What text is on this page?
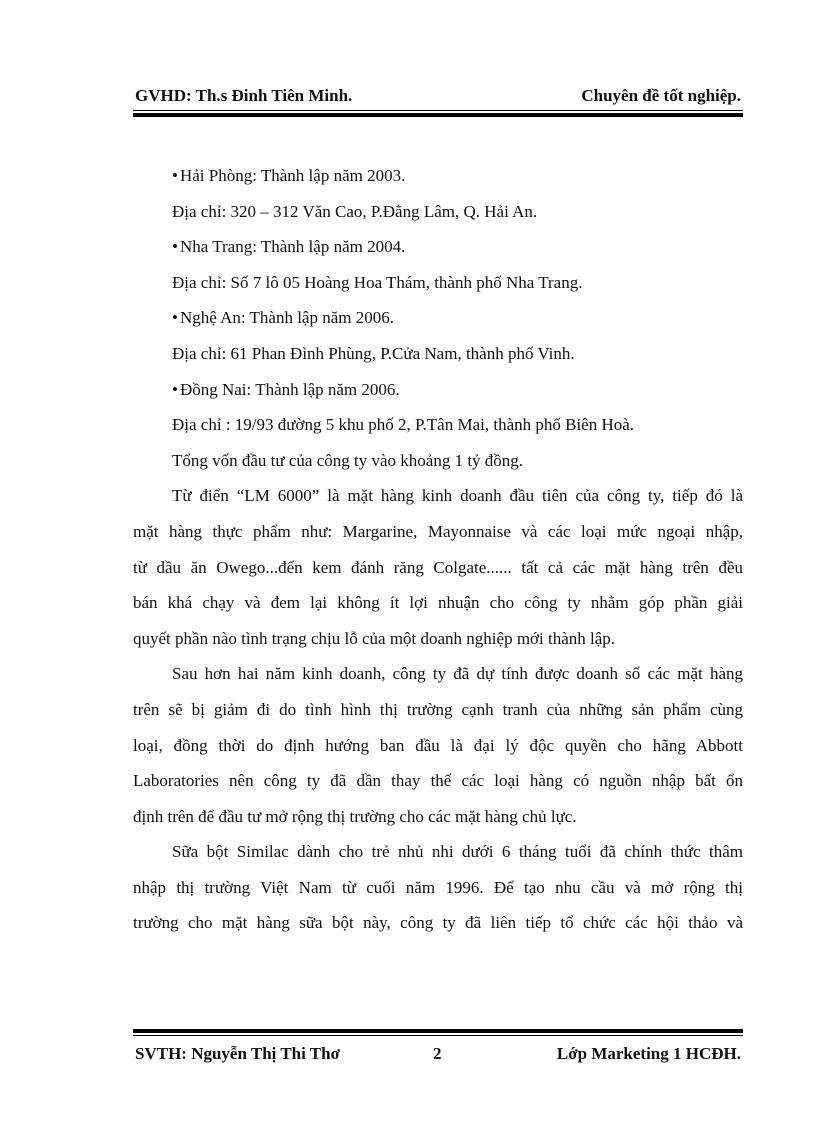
GVHD: Th.s Đinh Tiên Minh.	Chuyên đề tốt nghiệp.
• Hải Phòng: Thành lập năm 2003.
Địa chỉ: 320 – 312 Văn Cao, P.Đằng Lâm, Q. Hải An.
• Nha Trang: Thành lập năm 2004.
Địa chỉ: Số 7 lô 05 Hoàng Hoa Thám, thành phố Nha Trang.
• Nghệ An: Thành lập năm 2006.
Địa chỉ: 61 Phan Đình Phùng, P.Cửa Nam, thành phố Vinh.
• Đồng Nai: Thành lập năm 2006.
Địa chỉ : 19/93 đường 5 khu phố 2, P.Tân Mai, thành phố Biên Hoà.
Tổng vốn đầu tư của công ty vào khoảng 1 tỷ đồng.
Từ điển “LM 6000” là mặt hàng kinh doanh đầu tiên của công ty, tiếp đó là
mặt hàng thực phẩm như: Margarine, Mayonnaise và các loại mức ngoại nhập,
từ dầu ăn Owego...đến kem đánh răng Colgate...... tất cả các mặt hàng trên đều
bán khá chạy và đem lại không ít lợi nhuận cho công ty nhằm góp phần giải
quyết phần nào tình trạng chịu lỗ của một doanh nghiệp mới thành lập.
Sau hơn hai năm kinh doanh, công ty đã dự tính được doanh số các mặt hàng
trên sẽ bị giảm đi do tình hình thị trường cạnh tranh của những sản phẩm cùng
loại, đồng thời do định hướng ban đầu là đại lý độc quyền cho hãng Abbott
Laboratories nên công ty đã dần thay thế các loại hàng có nguồn nhập bất ổn
định trên để đầu tư mở rộng thị trường cho các mặt hàng chủ lực.
Sữa bột Similac dành cho trẻ nhủ nhi dưới 6 tháng tuổi đã chính thức thâm
nhập thị trường Việt Nam từ cuối năm 1996. Để tạo nhu cầu và mở rộng thị
trường cho mặt hàng sữa bột này, công ty đã liên tiếp tổ chức các hội thảo và
SVTH: Nguyễn Thị Thi Thơ	2	Lớp Marketing 1 HCĐH.
